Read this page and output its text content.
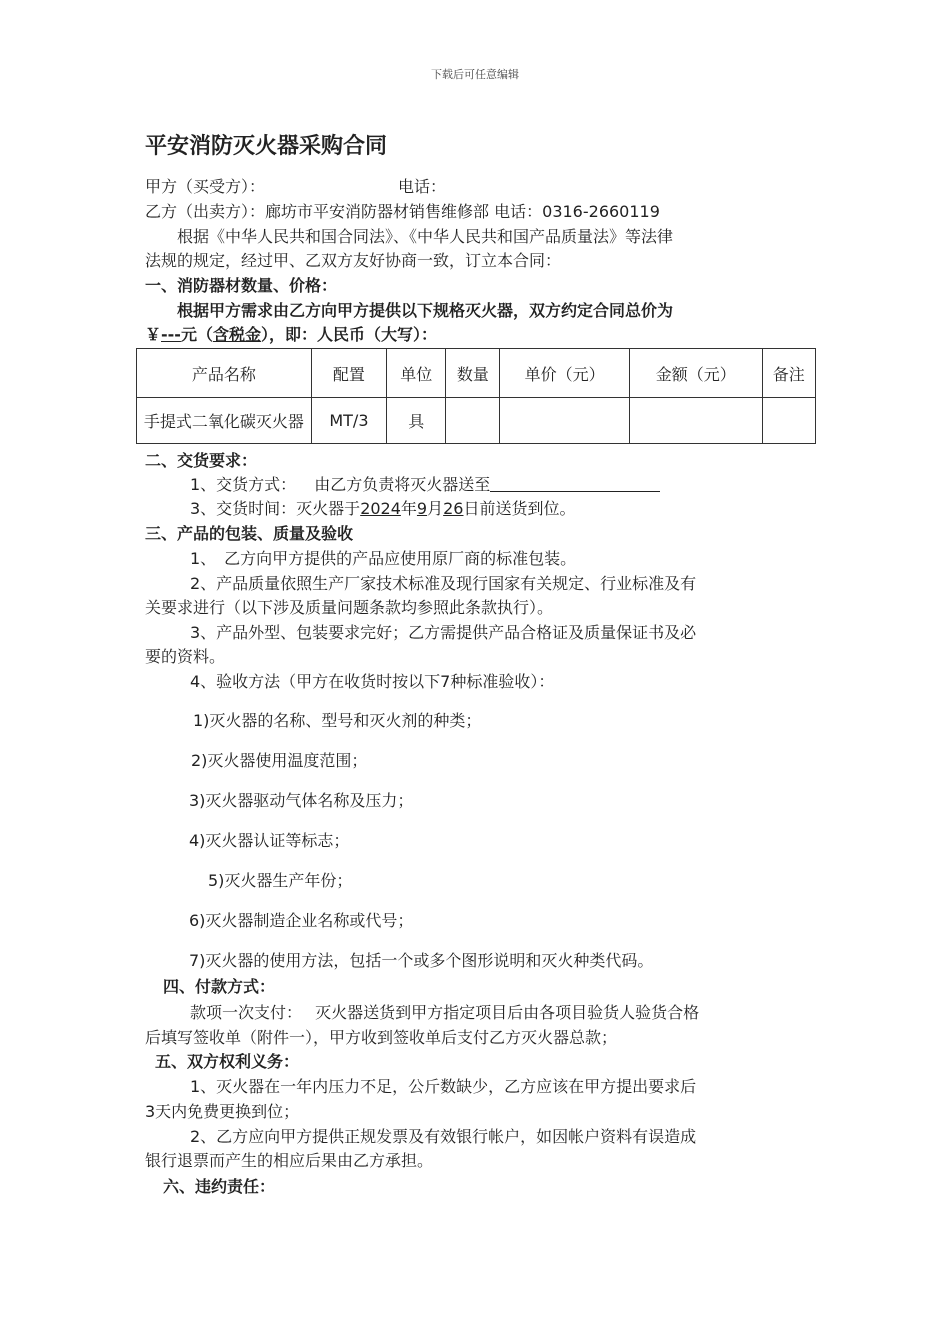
下载后可任意编辑
平安消防灭火器采购合同
甲方（买受方）：	电话：
乙方（出卖方）：廊坊市平安消防器材销售维修部 电话：0316-2660119
根据《中华人民共和国合同法》、《中华人民共和国产品质量法》等法律
法规的规定，经过甲、乙双方友好协商一致，订立本合同：
一、消防器材数量、价格：
根据甲方需求由乙方向甲方提供以下规格灭火器，双方约定合同总价为
￥---元（含税金），即：人民币（大写）：
产品名称	配置	单位	数量	单价（元）	金额（元）	备注
手提式二氧化碳灭火器	MT/3	具				
二、交货要求：
1、交货方式： 由乙方负责将灭火器送至
3、交货时间：灭火器于2024年9月26日前送货到位。
三、产品的包装、质量及验收
1、　乙方向甲方提供的产品应使用原厂商的标准包装。
2、产品质量依照生产厂家技术标准及现行国家有关规定、行业标准及有
关要求进行（以下涉及质量问题条款均参照此条款执行）。
3、产品外型、包装要求完好；乙方需提供产品合格证及质量保证书及必
要的资料。
4、验收方法（甲方在收货时按以下7种标准验收）：
1)灭火器的名称、型号和灭火剂的种类；
2)灭火器使用温度范围；
3)灭火器驱动气体名称及压力；
4)灭火器认证等标志；
5)灭火器生产年份；
6)灭火器制造企业名称或代号；
7)灭火器的使用方法，包括一个或多个图形说明和灭火种类代码。
四、付款方式：
款项一次支付：　 灭火器送货到甲方指定项目后由各项目验货人验货合格
后填写签收单（附件一），甲方收到签收单后支付乙方灭火器总款；
五、双方权利义务：
1、灭火器在一年内压力不足，公斤数缺少，乙方应该在甲方提出要求后
3天内免费更换到位；
2、乙方应向甲方提供正规发票及有效银行帐户，如因帐户资料有误造成
银行退票而产生的相应后果由乙方承担。
六、违约责任：
